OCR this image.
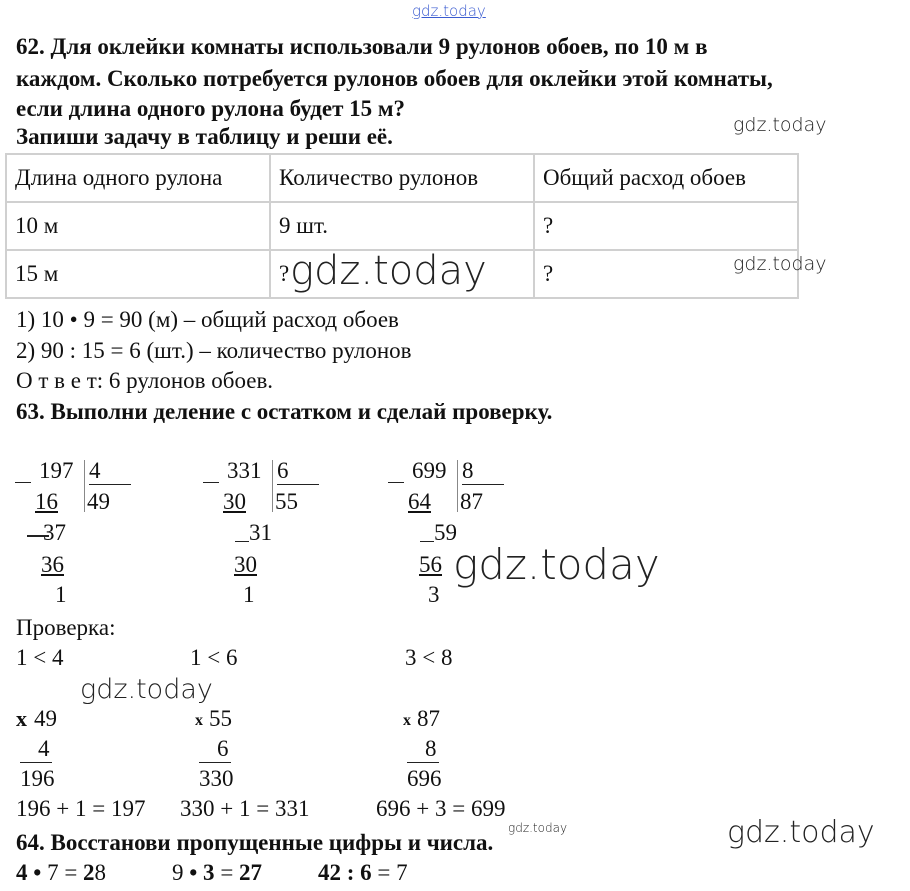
gdz.today
62. Для оклейки комнаты использовали 9 рулонов обоев, по 10 м в
каждом. Сколько потребуется рулонов обоев для оклейки этой комнаты,
если длина одного рулона будет 15 м?
Запиши задачу в таблицу и реши её.	gdz.today
Длина одного рулона	Количество рулонов	Общий расход обоев
10 м	9 шт.	?
15 м	?	?
gdz.today	gdz.today
1) 10 • 9 = 90 (м) – общий расход обоев
2) 90 : 15 = 6 (шт.) – количество рулонов
О т в е т: 6 рулонов обоев.
63. Выполни деление с остатком и сделай проверку.
gdz.today
Проверка:
1 < 4	1 < 6	3 < 8
gdz.today
196 + 1 = 197 330 + 1 = 331	696 + 3 = 699
gdz.today	gdz.today
64. Восстанови пропущенные цифры и числа.
4 • 7 = 28	9 • 3 = 27 42 : 6 = 7
197 4
16 49
37
36
1
331 6
30 55
31
30
1
699 8
64 87
59
56
3
x 49
4
196
x 55
6
330
x 87
8
696
